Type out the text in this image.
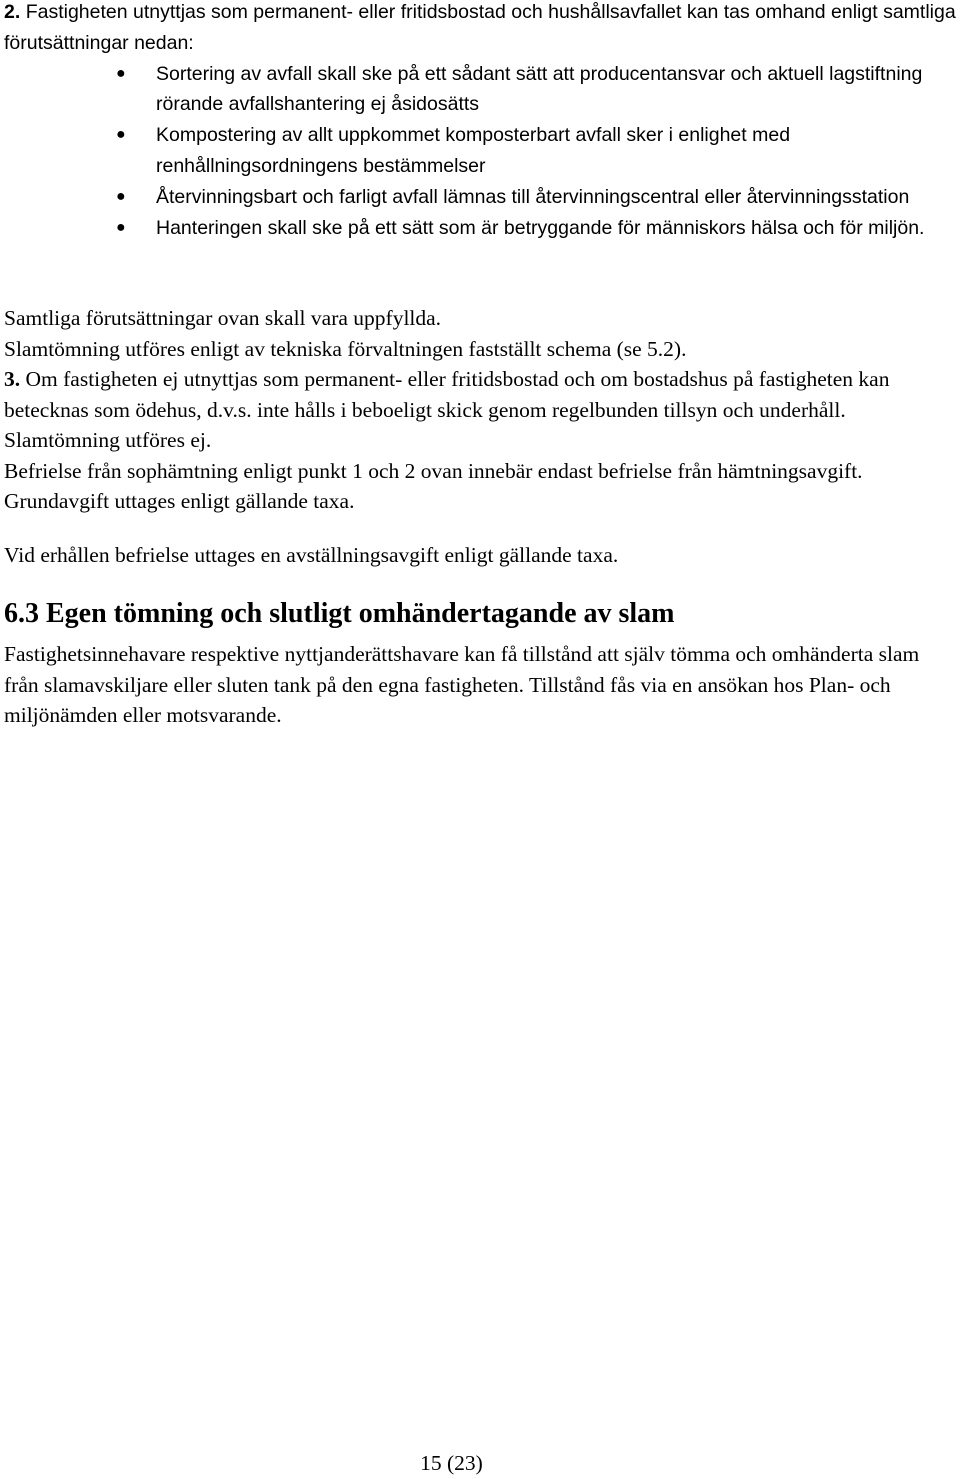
2. Fastigheten utnyttjas som permanent- eller fritidsbostad och hushållsavfallet kan tas omhand enligt samtliga förutsättningar nedan:

● Sortering av avfall skall ske på ett sådant sätt att producentansvar och aktuell lagstiftning rörande avfallshantering ej åsidosätts
● Kompostering av allt uppkommet komposterbart avfall sker i enlighet med renhållningsordningens bestämmelser
● Återvinningsbart och farligt avfall lämnas till återvinningscentral eller återvinningsstation
● Hanteringen skall ske på ett sätt som är betryggande för människors hälsa och för miljön.

Samtliga förutsättningar ovan skall vara uppfyllda.

Slamtömning utföres enligt av tekniska förvaltningen fastställt schema (se 5.2).

3. Om fastigheten ej utnyttjas som permanent- eller fritidsbostad och om bostadshus på fastigheten kan betecknas som ödehus, d.v.s. inte hålls i beboeligt skick genom regelbunden tillsyn och underhåll. Slamtömning utföres ej.

Befrielse från sophämtning enligt punkt 1 och 2 ovan innebär endast befrielse från hämtningsavgift. Grundavgift uttages enligt gällande taxa.

Vid erhållen befrielse uttages en avställningsavgift enligt gällande taxa.

6.3 Egen tömning och slutligt omhändertagande av slam

Fastighetsinnehavare respektive nyttjanderättshavare kan få tillstånd att själv tömma och omhänderta slam från slamavskiljare eller sluten tank på den egna fastigheten. Tillstånd fås via en ansökan hos Plan- och miljönämden eller motsvarande.

15 (23)
